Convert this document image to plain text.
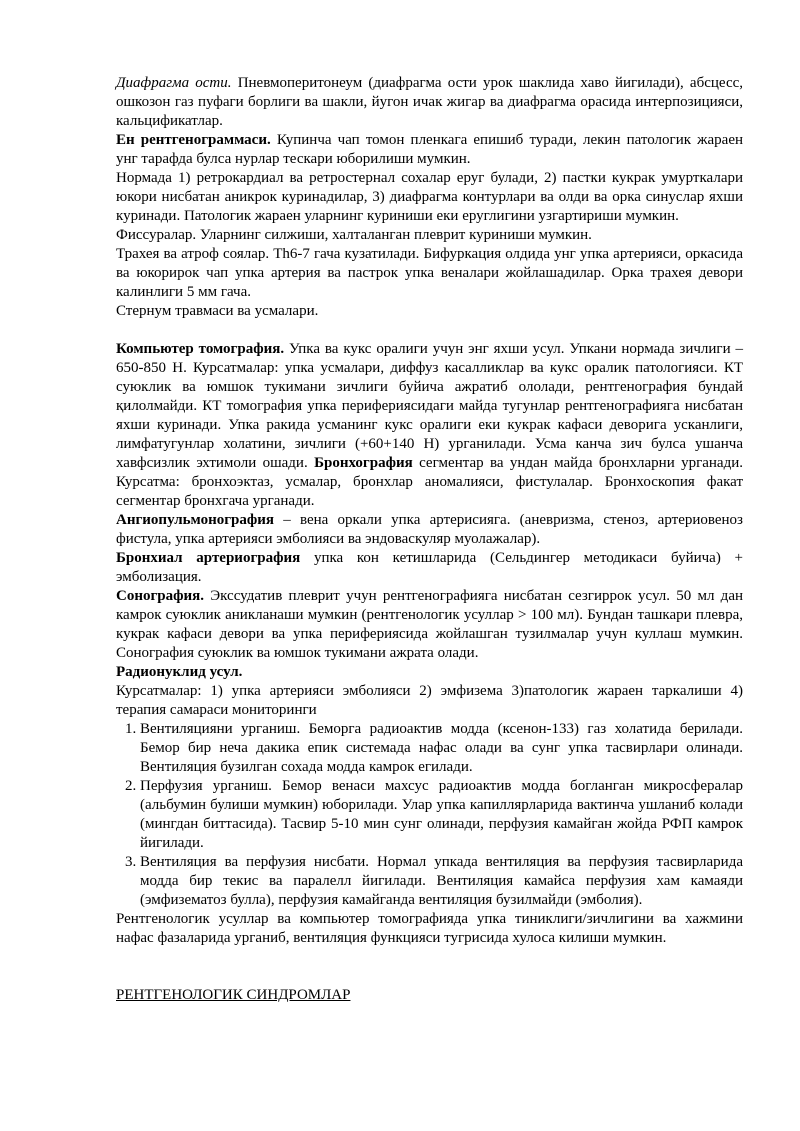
Диафрагма ости. Пневмоперитонеум (диафрагма ости урок шаклида хаво йигилади), абсцесс, ошкозон газ пуфаги борлиги ва шакли, йугон ичак жигар ва диафрагма орасида интерпозицияси, кальцификатлар.

Ен рентгенограммаси. Купинча чап томон пленкага епишиб туради, лекин патологик жараен унг тарафда булса нурлар тескари юборилиши мумкин.

Нормада 1) ретрокардиал ва ретростернал сохалар еруг булади, 2) пастки кукрак умурткалари юкори нисбатан аникрок куринадилар, 3) диафрагма контурлари ва олди ва орка синуслар яхши куринади. Патологик жараен уларнинг куриниши еки еруглигини узгартириши мумкин.

Фиссуралар. Уларнинг силжиши, халталанган плеврит куриниши мумкин.

Трахея ва атроф соялар. Th6-7 гача кузатилади. Бифуркация олдида унг упка артерияси, оркасида ва юкорирок чап упка артерия ва пастрок упка веналари жойлашадилар. Орка трахея девори калинлиги 5 мм гача.

Стернум травмаси ва усмалари.

Компьютер томография. Упка ва кукс оралиги учун энг яхши усул. Упкани нормада зичлиги –650-850 Н. Курсатмалар: упка усмалари, диффуз касалликлар ва кукс оралик патологияси. КТ суюклик ва юмшок тукимани зичлиги буйича ажратиб ололади, рентгенография бундай қилолмайди. КТ томография упка перифериясидаги майда тугунлар рентгенографияга нисбатан яхши куринади. Упка ракида усманинг кукс оралиги еки кукрак кафаси деворига усканлиги, лимфатугунлар холатини, зичлиги (+60+140 Н) урганилади. Усма канча зич булса ушанча хавфсизлик эхтимоли ошади. Бронхография сегментар ва ундан майда бронхларни урганади. Курсатма: бронхоэктаз, усмалар, бронхлар аномалияси, фистулалар. Бронхоскопия факат сегментар бронхгача урганади.

Ангиопульмонография – вена оркали упка артерисияга. (аневризма, стеноз, артериовеноз фистула, упка артерияси эмболияси ва эндоваскуляр муолажалар).

Бронхиал артериография упка кон кетишларида (Сельдингер методикаси буйича) + эмболизация.

Сонография. Экссудатив плеврит учун рентгенографияга нисбатан сезгиррок усул. 50 мл дан камрок суюклик аникланаши мумкин (рентгенологик усуллар > 100 мл). Бундан ташкари плевра, кукрак кафаси девори ва упка перифериясида жойлашган тузилмалар учун куллаш мумкин. Сонография суюклик ва юмшок тукимани ажрата олади.

Радионуклид усул.

Курсатмалар: 1) упка артерияси эмболияси 2) эмфизема 3)патологик жараен таркалиши 4) терапия самараси мониторинги

1. Вентиляцияни урганиш. Беморга радиоактив модда (ксенон-133) газ холатида берилади. Бемор бир неча дакика епик системада нафас олади ва сунг упка тасвирлари олинади. Вентиляция бузилган сохада модда камрок егилади.
2. Перфузия урганиш. Бемор венаси махсус радиоактив модда богланган микросфералар (альбумин булиши мумкин) юборилади. Улар упка капиллярларида вактинча ушланиб колади (мингдан биттасида). Тасвир 5-10 мин сунг олинади, перфузия камайган жойда РФП камрок йигилади.
3. Вентиляция ва перфузия нисбати. Нормал упкада вентиляция ва перфузия тасвирларида модда бир текис ва паралелл йигилади. Вентиляция камайса перфузия хам камаяди (эмфизематоз булла), перфузия камайганда вентиляция бузилмайди (эмболия).

Рентгенологик усуллар ва компьютер томографияда упка тиниклиги/зичлигини ва хажмини нафас фазаларида урганиб, вентиляция функцияси тугрисида хулоса килиши мумкин.

РЕНТГЕНОЛОГИК СИНДРОМЛАР
